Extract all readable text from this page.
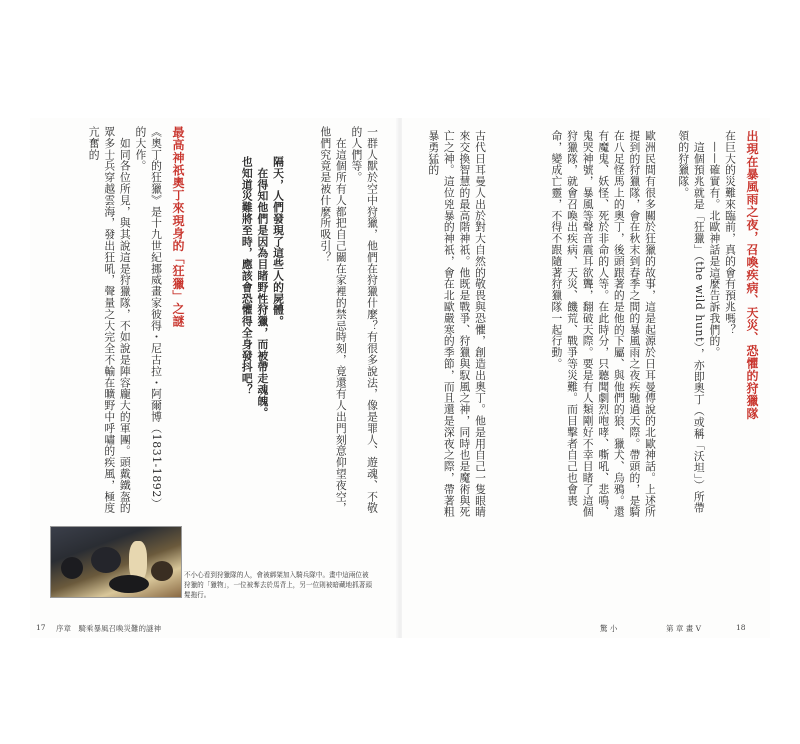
一群人獸於空中狩獵，他們在狩獵什麼？有很多說法，像是罪人、遊魂、不敬的人們等。
　在這個所有人都把自己關在家裡的禁忌時刻，竟還有人出門刻意仰望夜空，他們究竟是被什麼所吸引？
隔天，人們發現了這些人的屍體。
　在得知他們是因為目睹野性狩獵，而被帶走魂魄。
也知道災難將至時，應該會恐懼得全身發抖吧？
最高神祇奧丁來現身的「狂獵」之謎
《奧丁的狂獵》是十九世紀挪威畫家彼得・尼古拉・阿爾博（1831-1892）的大作。
　如同各位所見，與其說這是狩獵隊，不如說是陣容龐大的軍團。頭戴鐵盔的眾多士兵穿越雲海，發出狂吼，聲量之大完全不輸在曠野中呼嘯的疾風，極度亢奮的
不小心看到狩獵隊的人，會被綁架加入騎兵隊中。畫中這兩位被狩獵的「獵物」，一位被奪去於馬背上，另一位則被暗藏地抓著頭髮拖行。
17 序章　騎乘暴風召喚災難的謎神
出現在暴風雨之夜，召喚疾病、天災、恐懼的狩獵隊
在巨大的災難來臨前，真的會有預兆嗎？
　——確實有。北歐神話是這麼告訴我們的。
　這個預兆就是「狂獵」（the wild hunt），亦即奧丁（或稱「沃坦」）所帶領的狩獵隊。
歐洲民間有很多關於狂獵的故事，這是起源於日耳曼傳說的北歐神話。上述所提到的狩獵隊，會在秋末到春季之間的暴風雨之夜疾馳過天際。帶頭的，是騎在八足怪馬上的奧丁，後頭跟著的是他的下屬、與他們的狼、獵犬、烏鴉。還有魔鬼、妖怪、死於非命的人等。在此時分，只聽聞劇烈咆哮、嘶吼、悲鳴、鬼哭神號，暴風等聲音震耳欲聾，翻破天際。要是有人類剛好不幸目睹了這個狩獵隊，就會召喚出疾病、天災、饑荒、戰爭等災難。而目擊者自己也會喪命，變成亡靈，不得不跟隨著狩獵隊一起行動。
古代日耳曼人出於對大自然的敬畏與恐懼，創造出奧丁。他是用自己一隻眼睛來交換智慧的最高階神祇。他既是戰爭、狩獵與馭風之神，同時也是魔術與死亡之神。這位兇暴的神祇，會在北歐嚴寒的季節，而且還是深夜之際，帶著粗暴勇猛的
驚 小	第 章 畫 V	18
